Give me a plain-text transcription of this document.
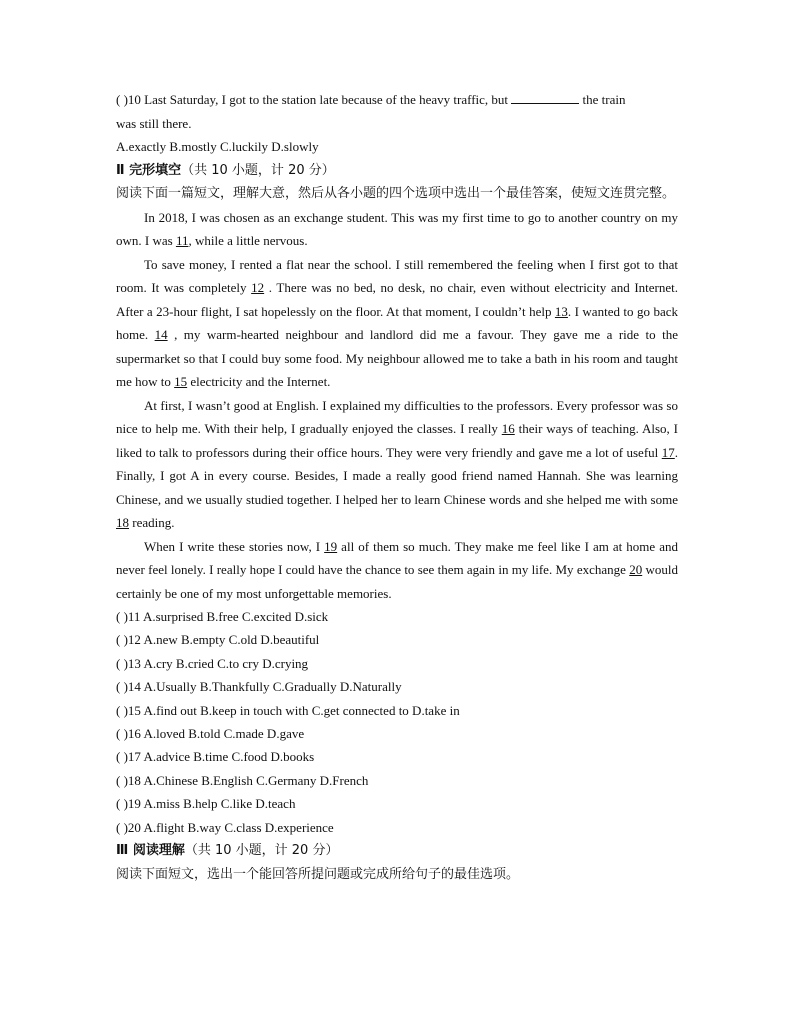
( )10 Last Saturday, I got to the station late because of the heavy traffic, but	the train
was still there.
A.exactly B.mostly C.luckily D.slowly
Ⅱ 完形填空（共 10 小题，计 20 分）
阅读下面一篇短文，理解大意，然后从各小题的四个选项中选出一个最佳答案，使短文连贯完整。
In 2018, I was chosen as an exchange student. This was my first time to go to another country on my own. I was 11, while a little nervous.
To save money, I rented a flat near the school. I still remembered the feeling when I first got to that room. It was completely 12 . There was no bed, no desk, no chair, even without electricity and Internet. After a 23-hour flight, I sat hopelessly on the floor. At that moment, I couldn’t help 13. I wanted to go back home. 14 , my warm-hearted neighbour and landlord did me a favour. They gave me a ride to the supermarket so that I could buy some food. My neighbour allowed me to take a bath in his room and taught me how to 15 electricity and the Internet.
At first, I wasn’t good at English. I explained my difficulties to the professors. Every professor was so nice to help me. With their help, I gradually enjoyed the classes. I really 16 their ways of teaching. Also, I liked to talk to professors during their office hours. They were very friendly and gave me a lot of useful 17. Finally, I got A in every course. Besides, I made a really good friend named Hannah. She was learning Chinese, and we usually studied together. I helped her to learn Chinese words and she helped me with some 18 reading.
When I write these stories now, I 19 all of them so much. They make me feel like I am at home and never feel lonely. I really hope I could have the chance to see them again in my life. My exchange 20 would certainly be one of my most unforgettable memories.
( )11 A.surprised B.free C.excited D.sick
( )12 A.new B.empty C.old D.beautiful
( )13 A.cry B.cried C.to cry D.crying
( )14 A.Usually B.Thankfully C.Gradually D.Naturally
( )15 A.find out B.keep in touch with C.get connected to D.take in
( )16 A.loved B.told C.made D.gave
( )17 A.advice B.time C.food D.books
( )18 A.Chinese B.English C.Germany D.French
( )19 A.miss B.help C.like D.teach
( )20 A.flight B.way C.class D.experience
Ⅲ 阅读理解（共 10 小题，计 20 分）
阅读下面短文，选出一个能回答所提问题或完成所给句子的最佳选项。
